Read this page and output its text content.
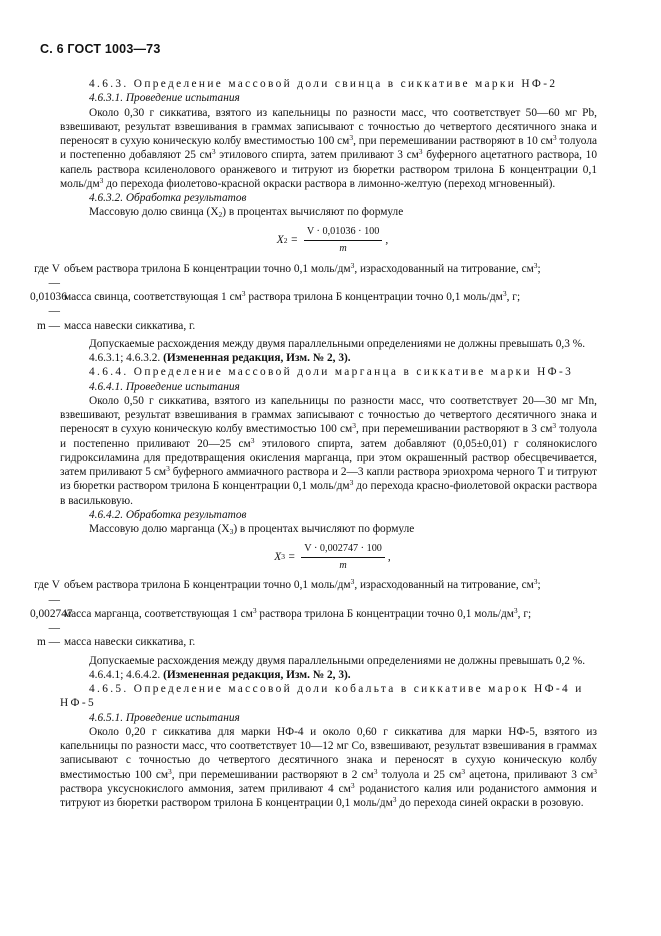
С. 6 ГОСТ 1003—73

4.6.3. Определение массовой доли свинца в сиккативе марки НФ-2

4.6.3.1. Проведение испытания

Около 0,30 г сиккатива, взятого из капельницы по разности масс, что соответствует 50—60 мг Pb, взвешивают, результат взвешивания в граммах записывают с точностью до четвертого десятичного знака и переносят в сухую коническую колбу вместимостью 100 $см^3$, при перемешивании растворяют в 10 $см^3$ толуола и постепенно добавляют 25 $см^3$ этилового спирта, затем приливают 3 $см^3$ буферного ацетатного раствора, 10 капель раствора ксиленолового оранжевого и титруют из бюретки раствором трилона Б концентрации 0,1 моль/$дм^3$ до перехода фиолетово-красной окраски раствора в лимонно-желтую (переход мгновенный).

4.6.3.2. Обработка результатов

Массовую долю свинца $(X_2)$ в процентах вычисляют по формуле

X $2 = \frac{V \cdot 0,01036 \cdot 100}{m}$ ,
где V —
объем раствора трилона Б концентрации точно 0,1 моль/$дм^3$, израсходованный на титрование, $см^3$;
0,01036 —
масса свинца, соответствующая 1 $см^3$ раствора трилона Б концентрации точно 0,1 моль/$дм^3$, г;
m — масса навески сиккатива, г.

Допускаемые расхождения между двумя параллельными определениями не должны превышать 0,3 %.

4.6.3.1; 4.6.3.2. (Измененная редакция, Изм. № 2, 3).

4.6.4. Определение массовой доли марганца в сиккативе марки НФ-3

4.6.4.1. Проведение испытания

Около 0,50 г сиккатива, взятого из капельницы по разности масс, что соответствует 20—30 мг Mn, взвешивают, результат взвешивания в граммах записывают с точностью до четвертого десятичного знака и переносят в сухую коническую колбу вместимостью 100 $см^3$, при перемешивании растворяют в 3 $см^3$ толуола и постепенно приливают 20—25 $см^3$ этилового спирта, затем добавляют (0,05±0,01) г солянокислого гидроксиламина для предотвращения окисления марганца, при этом окрашенный раствор обесцвечивается, затем приливают 5 $см^3$ буферного аммиачного раствора и 2—3 капли раствора эриохрома черного Т и титруют из бюретки раствором трилона Б концентрации 0,1 моль/$дм^3$ до перехода красно-фиолетовой окраски раствора в васильковую.

4.6.4.2. Обработка результатов

Массовую долю марганца $(X_3)$ в процентах вычисляют по формуле

X $3 = \frac{V \cdot 0,002747 \cdot 100}{m}$ ,
где V —
объем раствора трилона Б концентрации точно 0,1 моль/$дм^3$, израсходованный на титрование, $см^3$;
0,002747 —
масса марганца, соответствующая 1 $см^3$ раствора трилона Б концентрации точно 0,1 моль/$дм^3$, г;
m — масса навески сиккатива, г.

Допускаемые расхождения между двумя параллельными определениями не должны превышать 0,2 %.

4.6.4.1; 4.6.4.2. (Измененная редакция, Изм. № 2, 3).

4.6.5. Определение массовой доли кобальта в сиккативе марок НФ-4 и НФ-5

4.6.5.1. Проведение испытания

Около 0,20 г сиккатива для марки НФ-4 и около 0,60 г сиккатива для марки НФ-5, взятого из капельницы по разности масс, что соответствует 10—12 мг Co, взвешивают, результат взвешивания в граммах записывают с точностью до четвертого десятичного знака и переносят в сухую коническую колбу вместимостью 100 $см^3$, при перемешивании растворяют в 2 $см^3$ толуола и 25 $см^3$ ацетона, приливают 3 $см^3$ раствора уксуснокислого аммония, затем приливают 4 $см^3$ роданистого калия или роданистого аммония и титруют из бюретки раствором трилона Б концентрации 0,1 моль/$дм^3$ до перехода синей окраски в розовую.
